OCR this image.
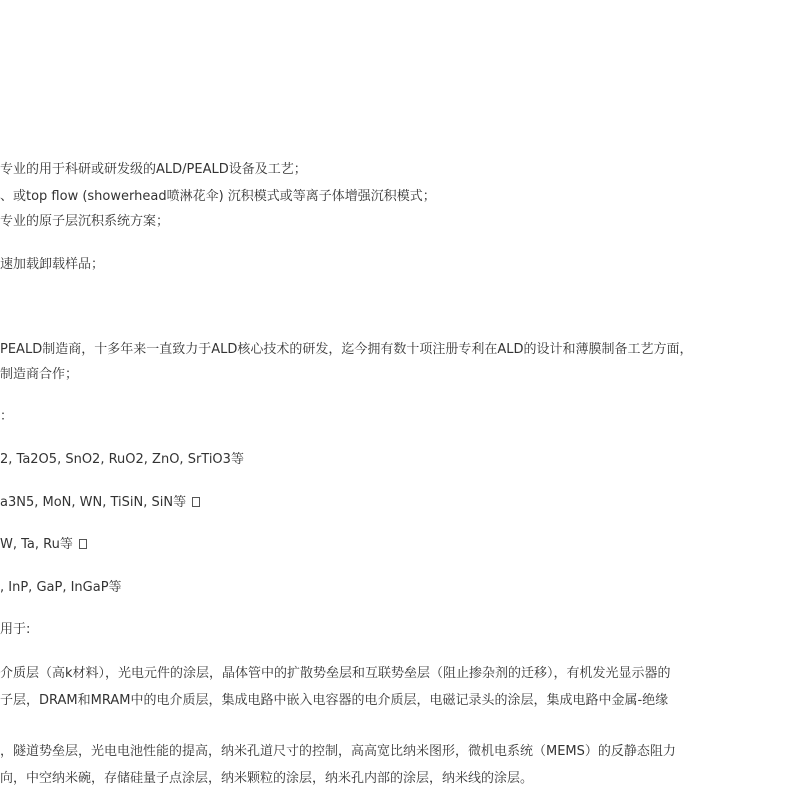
专业的用于科研或研发级的ALD/PEALD设备及工艺；

、或top flow (showerhead喷淋花伞) 沉积模式或等离子体增强沉积模式；

专业的原子层沉积系统方案；

速加载卸载样品；

PEALD制造商，十多年来一直致力于ALD核心技术的研发，迄今拥有数十项注册专利在ALD的设计和薄膜制备工艺方面，

制造商合作；

：

2, Ta2O5, SnO2, RuO2, ZnO, SrTiO3等

a3N5, MoN, WN, TiSiN, SiN等
W, Ta, Ru等

, InP, GaP, InGaP等

用于:

介质层（高k材料），光电元件的涂层，晶体管中的扩散势垒层和互联势垒层（阻止掺杂剂的迁移），有机发光显示器的

子层，DRAM和MRAM中的电介质层，集成电路中嵌入电容器的电介质层，电磁记录头的涂层，集成电路中金属-绝缘

，隧道势垒层，光电电池性能的提高，纳米孔道尺寸的控制，高高宽比纳米图形，微机电系统（MEMS）的反静态阻力

向，中空纳米碗，存储硅量子点涂层，纳米颗粒的涂层，纳米孔内部的涂层，纳米线的涂层。
